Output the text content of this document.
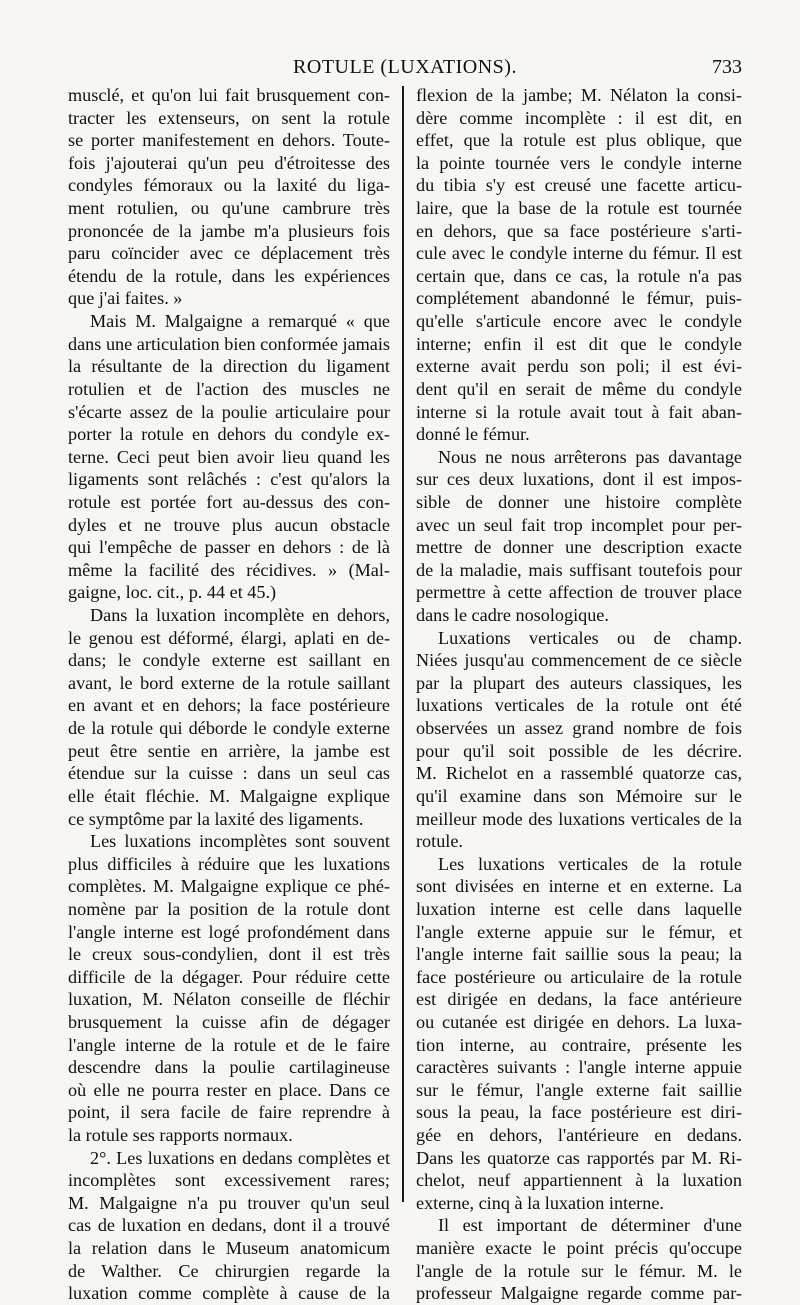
ROTULE (LUXATIONS).	733
musclé, et qu'on lui fait brusquement con-
tracter les extenseurs, on sent la rotule
se porter manifestement en dehors. Toute-
fois j'ajouterai qu'un peu d'étroitesse des
condyles fémoraux ou la laxité du liga-
ment rotulien, ou qu'une cambrure très
prononcée de la jambe m'a plusieurs fois
paru coïncider avec ce déplacement très
étendu de la rotule, dans les expériences
que j'ai faites. »
Mais M. Malgaigne a remarqué « que
dans une articulation bien conformée jamais
la résultante de la direction du ligament
rotulien et de l'action des muscles ne
s'écarte assez de la poulie articulaire pour
porter la rotule en dehors du condyle ex-
terne. Ceci peut bien avoir lieu quand les
ligaments sont relâchés : c'est qu'alors la
rotule est portée fort au-dessus des con-
dyles et ne trouve plus aucun obstacle
qui l'empêche de passer en dehors : de là
même la facilité des récidives. » (Mal-
gaigne, loc. cit., p. 44 et 45.)
Dans la luxation incomplète en dehors,
le genou est déformé, élargi, aplati en de-
dans; le condyle externe est saillant en
avant, le bord externe de la rotule saillant
en avant et en dehors; la face postérieure
de la rotule qui déborde le condyle externe
peut être sentie en arrière, la jambe est
étendue sur la cuisse : dans un seul cas
elle était fléchie. M. Malgaigne explique
ce symptôme par la laxité des ligaments.
Les luxations incomplètes sont souvent
plus difficiles à réduire que les luxations
complètes. M. Malgaigne explique ce phé-
nomène par la position de la rotule dont
l'angle interne est logé profondément dans
le creux sous-condylien, dont il est très
difficile de la dégager. Pour réduire cette
luxation, M. Nélaton conseille de fléchir
brusquement la cuisse afin de dégager
l'angle interne de la rotule et de le faire
descendre dans la poulie cartilagineuse
où elle ne pourra rester en place. Dans ce
point, il sera facile de faire reprendre à
la rotule ses rapports normaux.
2°. Les luxations en dedans complètes et
incomplètes sont excessivement rares;
M. Malgaigne n'a pu trouver qu'un seul
cas de luxation en dedans, dont il a trouvé
la relation dans le Museum anatomicum
de Walther. Ce chirurgien regarde la
luxation comme complète à cause de la
flexion de la jambe; M. Nélaton la consi-
dère comme incomplète : il est dit, en
effet, que la rotule est plus oblique, que
la pointe tournée vers le condyle interne
du tibia s'y est creusé une facette articu-
laire, que la base de la rotule est tournée
en dehors, que sa face postérieure s'arti-
cule avec le condyle interne du fémur. Il est
certain que, dans ce cas, la rotule n'a pas
complétement abandonné le fémur, puis-
qu'elle s'articule encore avec le condyle
interne; enfin il est dit que le condyle
externe avait perdu son poli; il est évi-
dent qu'il en serait de même du condyle
interne si la rotule avait tout à fait aban-
donné le fémur.
Nous ne nous arrêterons pas davantage
sur ces deux luxations, dont il est impos-
sible de donner une histoire complète
avec un seul fait trop incomplet pour per-
mettre de donner une description exacte
de la maladie, mais suffisant toutefois pour
permettre à cette affection de trouver place
dans le cadre nosologique.
Luxations verticales ou de champ.
Niées jusqu'au commencement de ce siècle
par la plupart des auteurs classiques, les
luxations verticales de la rotule ont été
observées un assez grand nombre de fois
pour qu'il soit possible de les décrire.
M. Richelot en a rassemblé quatorze cas,
qu'il examine dans son Mémoire sur le
meilleur mode des luxations verticales de la
rotule.
Les luxations verticales de la rotule
sont divisées en interne et en externe. La
luxation interne est celle dans laquelle
l'angle externe appuie sur le fémur, et
l'angle interne fait saillie sous la peau; la
face postérieure ou articulaire de la rotule
est dirigée en dedans, la face antérieure
ou cutanée est dirigée en dehors. La luxa-
tion interne, au contraire, présente les
caractères suivants : l'angle interne appuie
sur le fémur, l'angle externe fait saillie
sous la peau, la face postérieure est diri-
gée en dehors, l'antérieure en dedans.
Dans les quatorze cas rapportés par M. Ri-
chelot, neuf appartiennent à la luxation
externe, cinq à la luxation interne.
Il est important de déterminer d'une
manière exacte le point précis qu'occupe
l'angle de la rotule sur le fémur. M. le
professeur Malgaigne regarde comme par-
